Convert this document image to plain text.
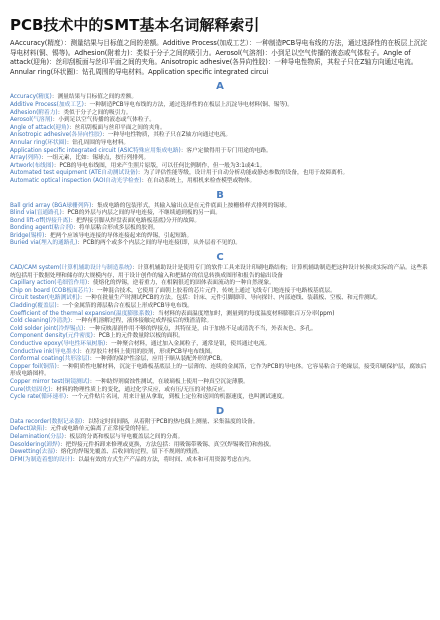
PCB技术中的SMT基本名词解释索引
AAccuracy(精度）：测量结果与目标值之间的差额。Additive Process(加成工艺）：一种制造PCB导电布线的方法，通过选择性的在板层上沉淀导电材料(铜、锡等)。Adhesion(附着力)：类似于分子之间的吸引力。Aerosol(气溶剂)：小到足以空气传播的液态或气体粒子。Angle of attack(迎角)：丝印刮板面与丝印平面之间的夹角。Anisotropic adhesive(各异向性胶)：一种导电性物质，其粒子只在Z轴方向通过电流。Annular ring(环状圈)：钻孔周围的导电材料。Application specific integrated circui
A
Accuracy(精度)：测量结果与目标值之间的差额。
Additive Process(加成工艺)：一种制造PCB导电布线的方法，通过选择性的在板层上沉淀导电材料(铜、锡等)。
Adhesion(附着力)：类似于分子之间的吸引力。
Aerosol(气溶剂)：小到足以空气传播的液态或气体粒子。
Angle of attack(迎角)：丝印刮板面与丝印平面之间的夹角。
Anisotropic adhesive(各异向性胶)：一种导电性物质，其粒子只在Z轴方向通过电流。
Annular ring(环状圈)：钻孔周围的导电材料。
Application specific integrated circuit (ASIC特殊应用集成电路)：客户定做得用于专门用途的电路。
Array(列阵)：一组元素，比如：锡球点，按行列排列。
Artwork(布线图)：PCB的导电布线图，用来产生照片原版，可以任何比例制作，但一般为3:1或4:1。
Automated test equipment (ATE自动测试设备)：为了评估性能等级，设计用于自动分析功能或静态参数的设备，也用于故障离析。
Automatic optical inspection (AOI自动光学检查)：在自动系统上，用相机来检查模型或物体。
B
Ball grid array (BGA球栅列阵)：集成电路的包装形式，其输入输出点是在元件底面上按栅格样式排列的锡球。
Blind via(盲通路孔)：PCB的外层与内层之间的导电连接，不继续通到板的另一面。
Bond lift-off(焊接升离)：把焊接引脚从焊盘表面(电路板基底)分开的故障。
Bonding agent(粘合剂)：将单层粘合形成多层板的胶剂。
Bridge(锡桥)：把两个应该导电连接的导体连接起来的焊锡，引起短路。
Buried via(埋入的通路孔)：PCB的两个或多个内层之间的导电连接(即，从外层看不见的)。
C
CAD/CAM system(计算机辅助设计与制造系统)：计算机辅助设计是使用专门的软件工具来设计印刷电路结构；计算机辅助制造把这种设计转换成实际的产品。这些系统包括用于数据处理和储存的大规模内存，用于设计创作的输入和把储存的信息转换成图形和报告的输出设备
Capillary action(毛细管作用)：使熔化的焊锡，逆着重力，在相隔很近的固体表面流动的一种自然现象。
Chip on board (COB板面芯片)：一种混合技术，它使用了面朝上胶着的芯片元件，传统上通过飞线专门地连接于电路板基底层。
Circuit tester(电路测试机)：一种在批量生产时测试PCB的方法。包括：针床、元件引脚脚印、导向探针、内部迹线、装载板、空板、和元件测试。
Cladding(覆盖层)：一个金属箔的薄层粘合在板层上形成PCB导电布线。
Coefficient of the thermal expansion(温度膨胀系数)：当材料的表面温度增加时，测量到的每度温度材料膨胀百万分率(ppm)
Cold cleaning(冷清洗)：一种有机溶解过程，液体接触完成焊接后的残渣清除。
Cold solder joint(冷焊锡点)：一种反映湿润作用不够的焊接点，其特征是，由于加热不足或清洗不当，外表灰色、多孔。
Component density(元件密度)：PCB上的元件数量除以板的面积。
Conductive epoxy(导电性环氧树脂)：一种聚合材料，通过加入金属粒子，通常是银，使其通过电流。
Conductive ink(导电墨水)：在厚胶片材料上使用的胶剂，形成PCB导电布线图。
Conformal coating(共形涂层)：一种薄的保护性涂层，应用于顺从装配外形的PCB。
Copper foil(铜箔)：一种阴质性电解材料，沉淀于电路板基底层上的一层薄的、连续的金属箔，它作为PCB的导电体。它容易粘合于绝缘层，接受印刷保护层，腐蚀后形成电路图样。
Copper mirror test(铜镜测试)：一种助焊剂腐蚀性测试，在玻璃板上使用一种真空沉淀薄膜。
Cure(烘焙固化)：材料的物理性质上的变化，通过化学反应，或有压/无压的对热反应。
Cycle rate(循环速率)：一个元件贴片名词，用来计量从拿取，到板上定位和返回的机器速度，也叫测试速度。
D
Data recorder(数据记录器)：以特定时间间隔，从着附于PCB的热电偶上测量、采集温度的设备。
Defect(缺陷)：元件或电路单元偏离了正常接受的特征。
Delamination(分层)：板层的分离和板层与导电覆盖层之间的分离。
Desoldering(卸焊)：把焊接元件拆卸来修理或更换，方法包括：用吸锡带吸锡、真空(焊锡吸管)和热拔。
Dewetting(去湿)：熔化的焊锡先覆盖、后收回的过程，留下不规则的残渣。
DFM(为制造着想的设计)：以最有效的方式生产产品的方法，将时间、成本和可用资源考虑在内。
